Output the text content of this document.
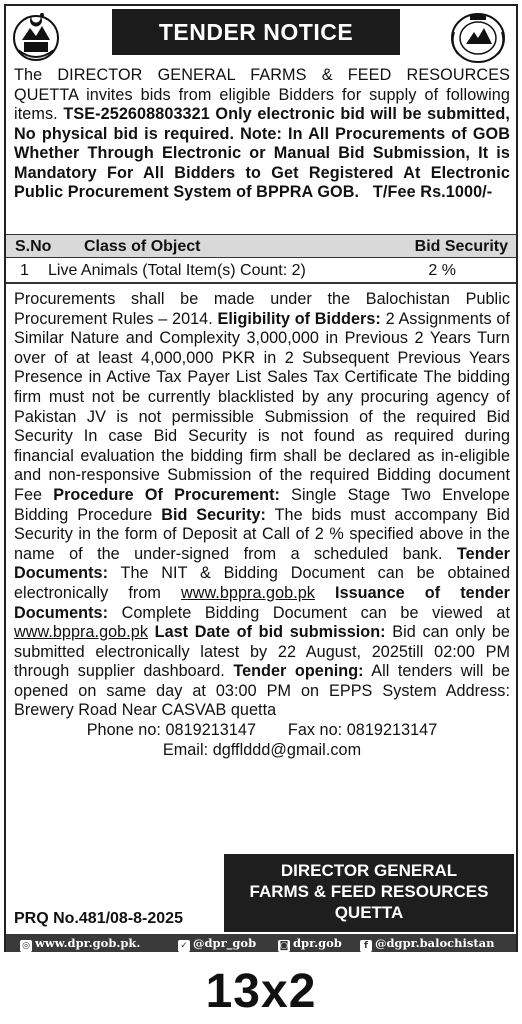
TENDER NOTICE
The DIRECTOR GENERAL FARMS & FEED RESOURCES QUETTA invites bids from eligible Bidders for supply of following items. TSE-252608803321 Only electronic bid will be submitted, No physical bid is required. Note: In All Procurements of GOB Whether Through Electronic or Manual Bid Submission, It is Mandatory For All Bidders to Get Registered At Electronic Public Procurement System of BPPRA GOB. T/Fee Rs.1000/-
S.No Class of Object	Bid Security
1 Live Animals (Total Item(s) Count: 2)	2 %
Procurements shall be made under the Balochistan Public Procurement Rules – 2014. Eligibility of Bidders: 2 Assignments of Similar Nature and Complexity 3,000,000 in Previous 2 Years Turn over of at least 4,000,000 PKR in 2 Subsequent Previous Years Presence in Active Tax Payer List Sales Tax Certificate The bidding firm must not be currently blacklisted by any procuring agency of Pakistan JV is not permissible Submission of the required Bid Security In case Bid Security is not found as required during financial evaluation the bidding firm shall be declared as in-eligible and non-responsive Submission of the required Bidding document Fee Procedure Of Procurement: Single Stage Two Envelope Bidding Procedure Bid Security: The bids must accompany Bid Security in the form of Deposit at Call of 2 % specified above in the name of the under-signed from a scheduled bank. Tender Documents: The NIT & Bidding Document can be obtained electronically from www.bppra.gob.pk Issuance of tender Documents: Complete Bidding Document can be viewed at www.bppra.gob.pk Last Date of bid submission: Bid can only be submitted electronically latest by 22 August, 2025till 02:00 PM through supplier dashboard. Tender opening: All tenders will be opened on same day at 03:00 PM on EPPS System Address: Brewery Road Near CASVAB quetta
Phone no: 0819213147 Fax no: 0819213147
Email: dgfflddd@gmail.com
DIRECTOR GENERAL
FARMS & FEED RESOURCES
QUETTA
PRQ No.481/08-8-2025
◎ www.dpr.gob.pk.	✓ @dpr_gob	◙ dpr.gob	f @dgpr.balochistan
13x2
